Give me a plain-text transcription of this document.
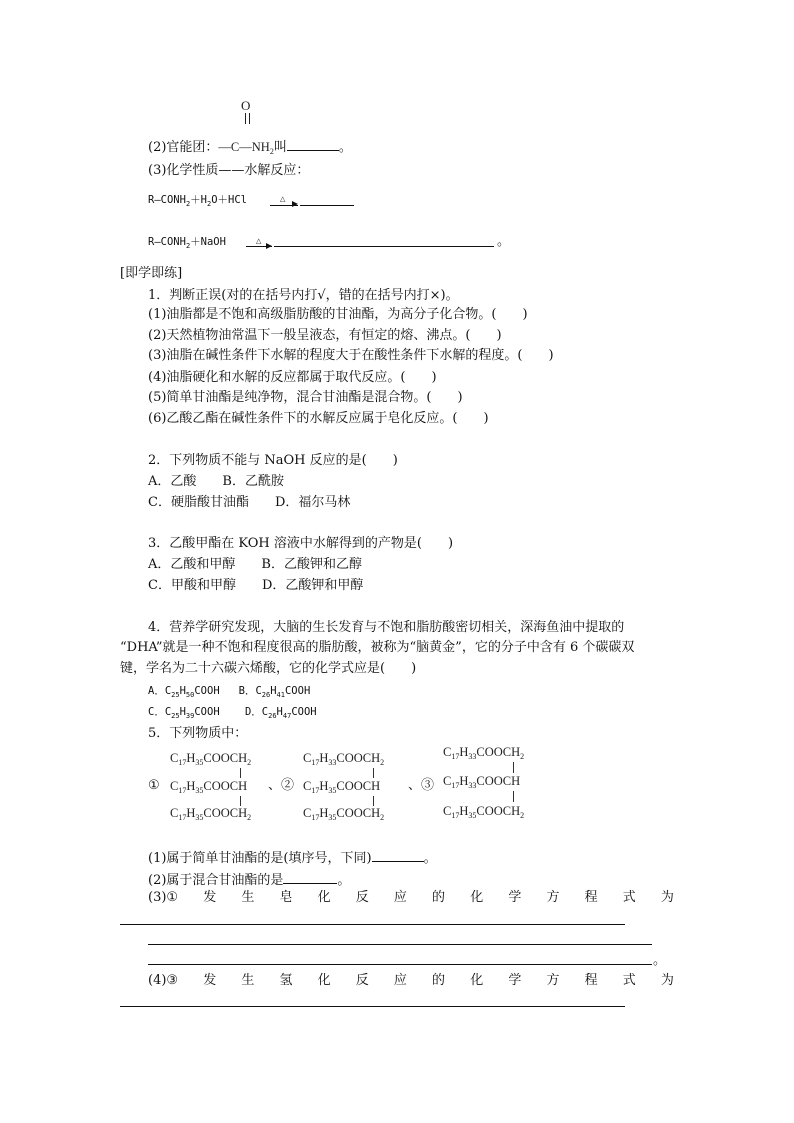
O
(2)官能团：$—C—NH_2$叫	。
(3)化学性质——水解反应：
$R—CONH_2+H_2O+HCl$	△
$R—CONH_2+NaOH$	△	。
[即学即练]
1．判断正误(对的在括号内打√，错的在括号内打×)。
(1)油脂都是不饱和高级脂肪酸的甘油酯，为高分子化合物。(　　)
(2)天然植物油常温下一般呈液态，有恒定的熔、沸点。(　　)
(3)油脂在碱性条件下水解的程度大于在酸性条件下水解的程度。(　　)
(4)油脂硬化和水解的反应都属于取代反应。(　　)
(5)简单甘油酯是纯净物，混合甘油酯是混合物。(　　)
(6)乙酸乙酯在碱性条件下的水解反应属于皂化反应。(　　)
2．下列物质不能与 NaOH 反应的是(　　)
A．乙酸　　B．乙酰胺
C．硬脂酸甘油酯　　D．福尔马林
3．乙酸甲酯在 KOH 溶液中水解得到的产物是(　　)
A．乙酸和甲醇　　B．乙酸钾和乙醇
C．甲酸和甲醇　　D．乙酸钾和甲醇
4．营养学研究发现，大脑的生长发育与不饱和脂肪酸密切相关，深海鱼油中提取的
“DHA”就是一种不饱和程度很高的脂肪酸，被称为“脑黄金”，它的分子中含有 6 个碳碳双
键，学名为二十六碳六烯酸，它的化学式应是(　　)
A．$C_{25}H_{50}COOH$ B．$C_{26}H_{41}COOH$
C．$C_{25}H_{39}COOH$ D．$C_{26}H_{47}COOH$
5．下列物质中：
$C_{17}H_{35}COOCH_2$
$C_{17}H_{35}COOCH$
$C_{17}H_{35}COOCH_2$
①
$C_{17}H_{33}COOCH_2$
$C_{17}H_{35}COOCH$
$C_{17}H_{35}COOCH_2$
、②
$C_{17}H_{33}COOCH_2$
$C_{17}H_{33}COOCH$
$C_{17}H_{35}COOCH_2$
、③
(1)属于简单甘油酯的是(填序号，下同)	。
(2)属于混合甘油酯的是	。
(3)① 发 生 皂 化 反 应 的 化 学 方 程 式 为
。
(4)③ 发 生 氢 化 反 应 的 化 学 方 程 式 为
